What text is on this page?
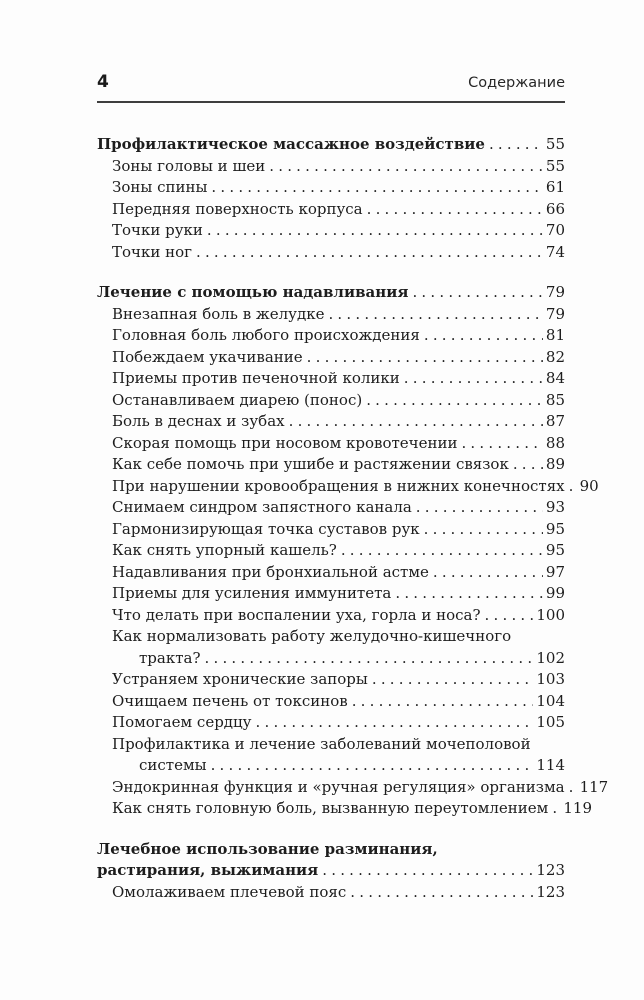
4	Содержание
Профилактическое массажное воздействие .....	55
Зоны головы и шеи .....	55
Зоны спины .....	61
Передняя поверхность корпуса .....	66
Точки руки .....	70
Точки ног .....	74
Лечение с помощью надавливания .....	79
Внезапная боль в желудке .....	79
Головная боль любого происхождения .....	81
Побеждаем укачивание .....	82
Приемы против печеночной колики .....	84
Останавливаем диарею (понос) .....	85
Боль в деснах и зубах .....	87
Скорая помощь при носовом кровотечении .....	88
Как себе помочь при ушибе и растяжении связок ..... 89
При нарушении кровообращения в нижних конечностях ..... 90
Снимаем синдром запястного канала .....	93
Гармонизирующая точка суставов рук .....	95
Как снять упорный кашель? .....	95
Надавливания при бронхиальной астме .....	97
Приемы для усиления иммунитета .....	99
Что делать при воспалении уха, горла и носа? .....	100
Как нормализовать работу желудочно-кишечного
тракта? .....	102
Устраняем хронические запоры .....	103
Очищаем печень от токсинов .....	104
Помогаем сердцу .....	105
Профилактика и лечение заболеваний мочеполовой
системы .....	114
Эндокринная функция и «ручная регуляция» организма ..... 117
Как снять головную боль, вызванную переутомлением ..... 119
Лечебное использование разминания,
растирания, выжимания .....	123
Омолаживаем плечевой пояс .....	123
